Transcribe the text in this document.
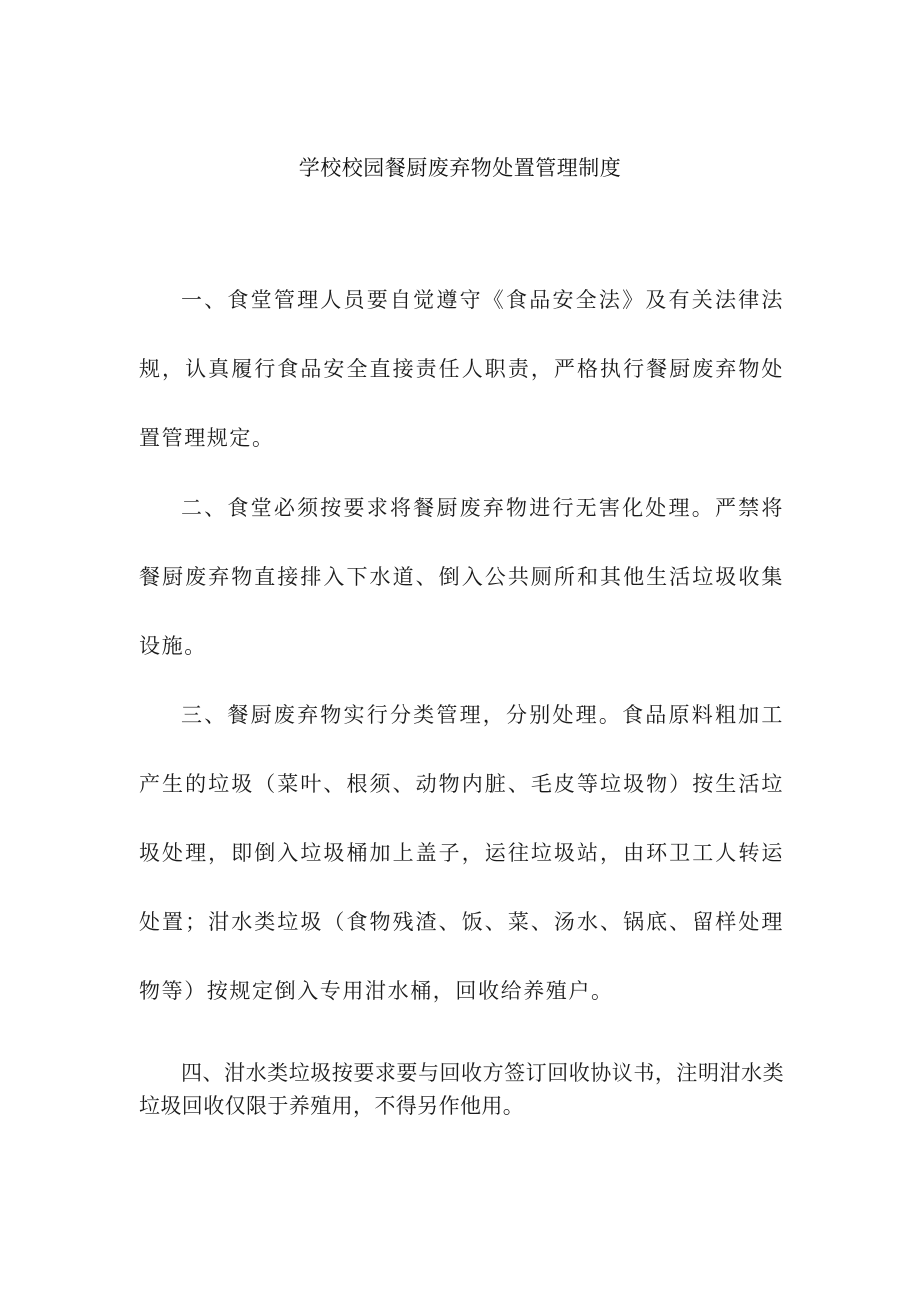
学校校园餐厨废弃物处置管理制度

一、食堂管理人员要自觉遵守《食品安全法》及有关法律法规，认真履行食品安全直接责任人职责，严格执行餐厨废弃物处置管理规定。

二、食堂必须按要求将餐厨废弃物进行无害化处理。严禁将餐厨废弃物直接排入下水道、倒入公共厕所和其他生活垃圾收集设施。

三、餐厨废弃物实行分类管理，分别处理。食品原料粗加工产生的垃圾（菜叶、根须、动物内脏、毛皮等垃圾物）按生活垃圾处理，即倒入垃圾桶加上盖子，运往垃圾站，由环卫工人转运处置；泔水类垃圾（食物残渣、饭、菜、汤水、锅底、留样处理物等）按规定倒入专用泔水桶，回收给养殖户。

四、泔水类垃圾按要求要与回收方签订回收协议书，注明泔水类垃圾回收仅限于养殖用，不得另作他用。
